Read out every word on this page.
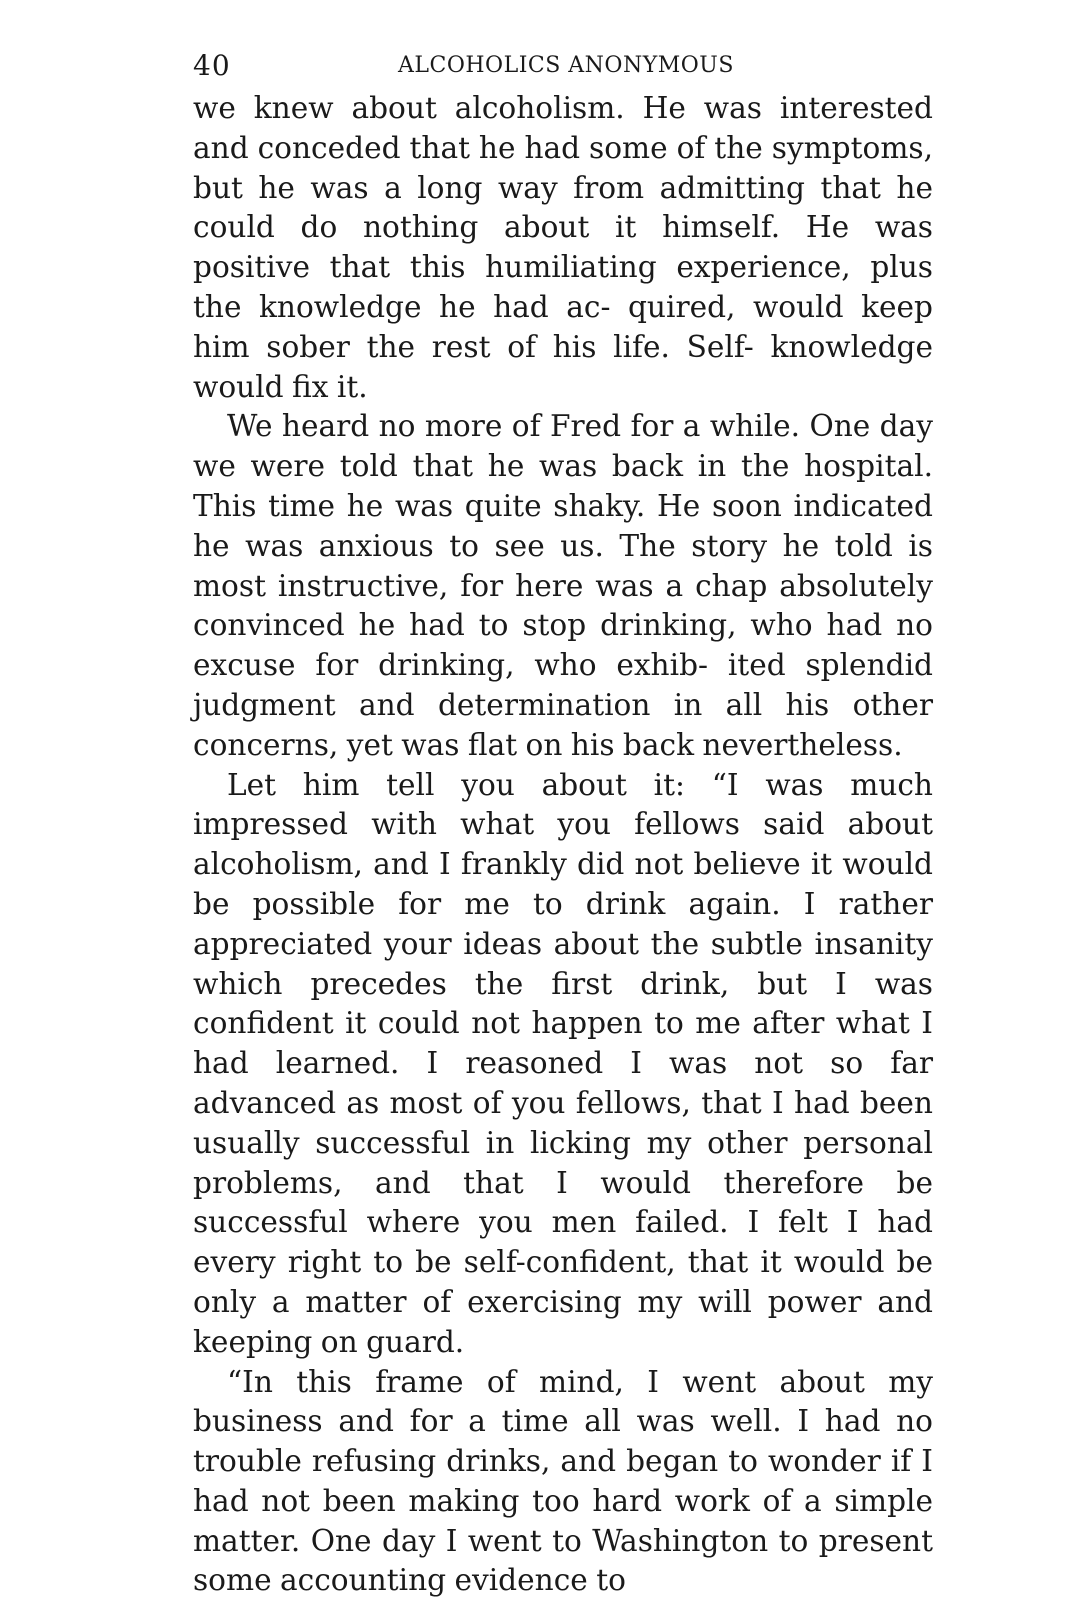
40	ALCOHOLICS ANONYMOUS

we knew about alcoholism. He was interested and conceded that he had some of the symptoms, but he was a long way from admitting that he could do nothing about it himself. He was positive that this humiliating experience, plus the knowledge he had ac- quired, would keep him sober the rest of his life. Self- knowledge would fix it.

We heard no more of Fred for a while. One day we were told that he was back in the hospital. This time he was quite shaky. He soon indicated he was anxious to see us. The story he told is most instructive, for here was a chap absolutely convinced he had to stop drinking, who had no excuse for drinking, who exhib- ited splendid judgment and determination in all his other concerns, yet was flat on his back nevertheless.

Let him tell you about it: “I was much impressed with what you fellows said about alcoholism, and I frankly did not believe it would be possible for me to drink again. I rather appreciated your ideas about the subtle insanity which precedes the first drink, but I was confident it could not happen to me after what I had learned. I reasoned I was not so far advanced as most of you fellows, that I had been usually successful in licking my other personal problems, and that I would therefore be successful where you men failed. I felt I had every right to be self-confident, that it would be only a matter of exercising my will power and keeping on guard.

“In this frame of mind, I went about my business and for a time all was well. I had no trouble refusing drinks, and began to wonder if I had not been making too hard work of a simple matter. One day I went to Washington to present some accounting evidence to
